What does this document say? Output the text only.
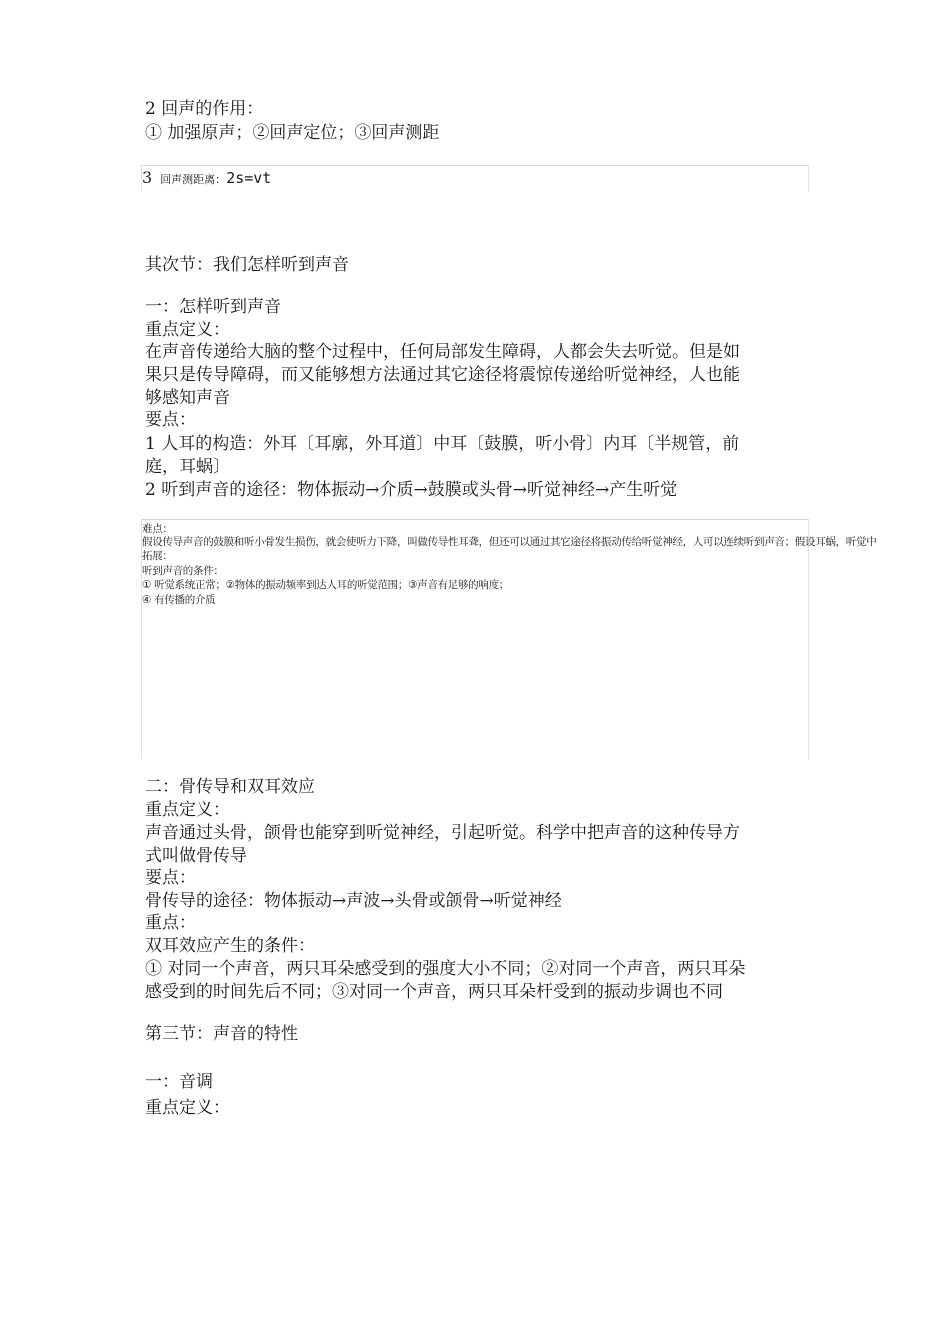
2 回声的作用：

① 加强原声；②回声定位；③回声测距

3 回声测距离：2s=vt

其次节：我们怎样听到声音

一：怎样听到声音

重点定义：

在声音传递给大脑的整个过程中，任何局部发生障碍，人都会失去听觉。但是如

果只是传导障碍，而又能够想方法通过其它途径将震惊传递给听觉神经，人也能

够感知声音

要点：

1 人耳的构造：外耳〔耳廓，外耳道〕中耳〔鼓膜，听小骨〕内耳〔半规管，前

庭，耳蜗〕

2 听到声音的途径：物体振动→介质→鼓膜或头骨→听觉神经→产生听觉

难点：
假设传导声音的鼓膜和听小骨发生损伤，就会使听力下降，叫做传导性耳聋，但还可以通过其它途径将振动传给听觉神经，人可以连续听到声音；假设耳蜗，听觉中
拓展：
听到声音的条件：
① 听觉系统正常；②物体的振动频率到达人耳的听觉范围；③声音有足够的响度；
④ 有传播的介质

二：骨传导和双耳效应

重点定义：

声音通过头骨，颌骨也能穿到听觉神经，引起听觉。科学中把声音的这种传导方

式叫做骨传导

要点：

骨传导的途径：物体振动→声波→头骨或颌骨→听觉神经

重点：

双耳效应产生的条件：

① 对同一个声音，两只耳朵感受到的强度大小不同；②对同一个声音，两只耳朵

感受到的时间先后不同；③对同一个声音，两只耳朵杆受到的振动步调也不同

第三节：声音的特性

一：音调

重点定义：
